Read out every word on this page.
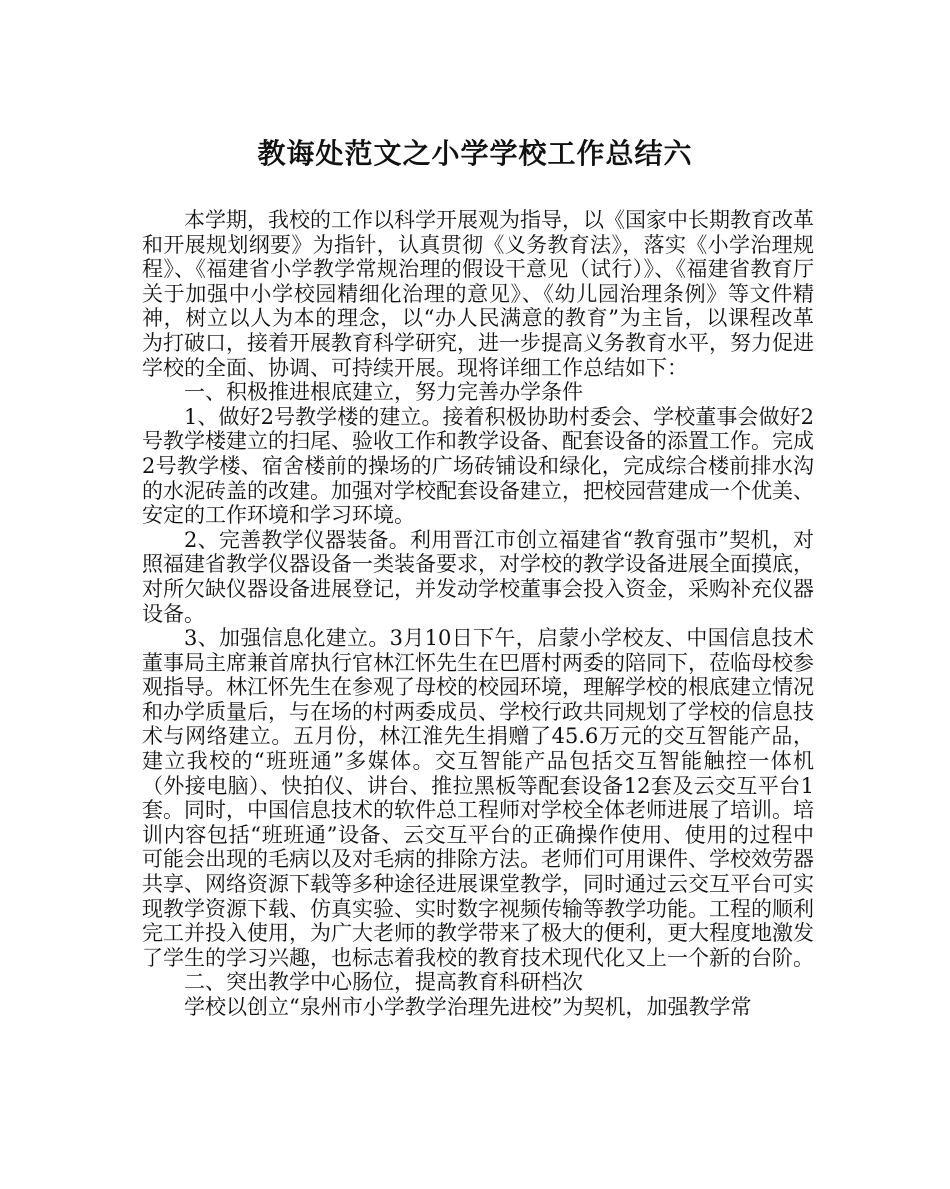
教诲处范文之小学学校工作总结六

本学期，我校的工作以科学开展观为指导，以《国家中长期教育改革和开展规划纲要》为指针，认真贯彻《义务教育法》，落实《小学治理规程》、《福建省小学教学常规治理的假设干意见（试行）》、《福建省教育厅关于加强中小学校园精细化治理的意见》、《幼儿园治理条例》等文件精神，树立以人为本的理念，以“办人民满意的教育”为主旨，以课程改革为打破口，接着开展教育科学研究，进一步提高义务教育水平，努力促进学校的全面、协调、可持续开展。现将详细工作总结如下：

一、积极推进根底建立，努力完善办学条件

1、做好2号教学楼的建立。接着积极协助村委会、学校董事会做好2号教学楼建立的扫尾、验收工作和教学设备、配套设备的添置工作。完成2号教学楼、宿舍楼前的操场的广场砖铺设和绿化，完成综合楼前排水沟的水泥砖盖的改建。加强对学校配套设备建立，把校园营建成一个优美、安定的工作环境和学习环境。

2、完善教学仪器装备。利用晋江市创立福建省“教育强市”契机，对照福建省教学仪器设备一类装备要求，对学校的教学设备进展全面摸底，对所欠缺仪器设备进展登记，并发动学校董事会投入资金，采购补充仪器设备。

3、加强信息化建立。3月10日下午，启蒙小学校友、中国信息技术董事局主席兼首席执行官林江怀先生在巴厝村两委的陪同下，莅临母校参观指导。林江怀先生在参观了母校的校园环境，理解学校的根底建立情况和办学质量后，与在场的村两委成员、学校行政共同规划了学校的信息技术与网络建立。五月份，林江淮先生捐赠了45.6万元的交互智能产品，建立我校的“班班通”多媒体。交互智能产品包括交互智能触控一体机（外接电脑）、快拍仪、讲台、推拉黑板等配套设备12套及云交互平台1套。同时，中国信息技术的软件总工程师对学校全体老师进展了培训。培训内容包括“班班通”设备、云交互平台的正确操作使用、使用的过程中可能会出现的毛病以及对毛病的排除方法。老师们可用课件、学校效劳器共享、网络资源下载等多种途径进展课堂教学，同时通过云交互平台可实现教学资源下载、仿真实验、实时数字视频传输等教学功能。工程的顺利完工并投入使用，为广大老师的教学带来了极大的便利，更大程度地激发了学生的学习兴趣，也标志着我校的教育技术现代化又上一个新的台阶。

二、突出教学中心肠位，提高教育科研档次

学校以创立“泉州市小学教学治理先进校”为契机，加强教学常
